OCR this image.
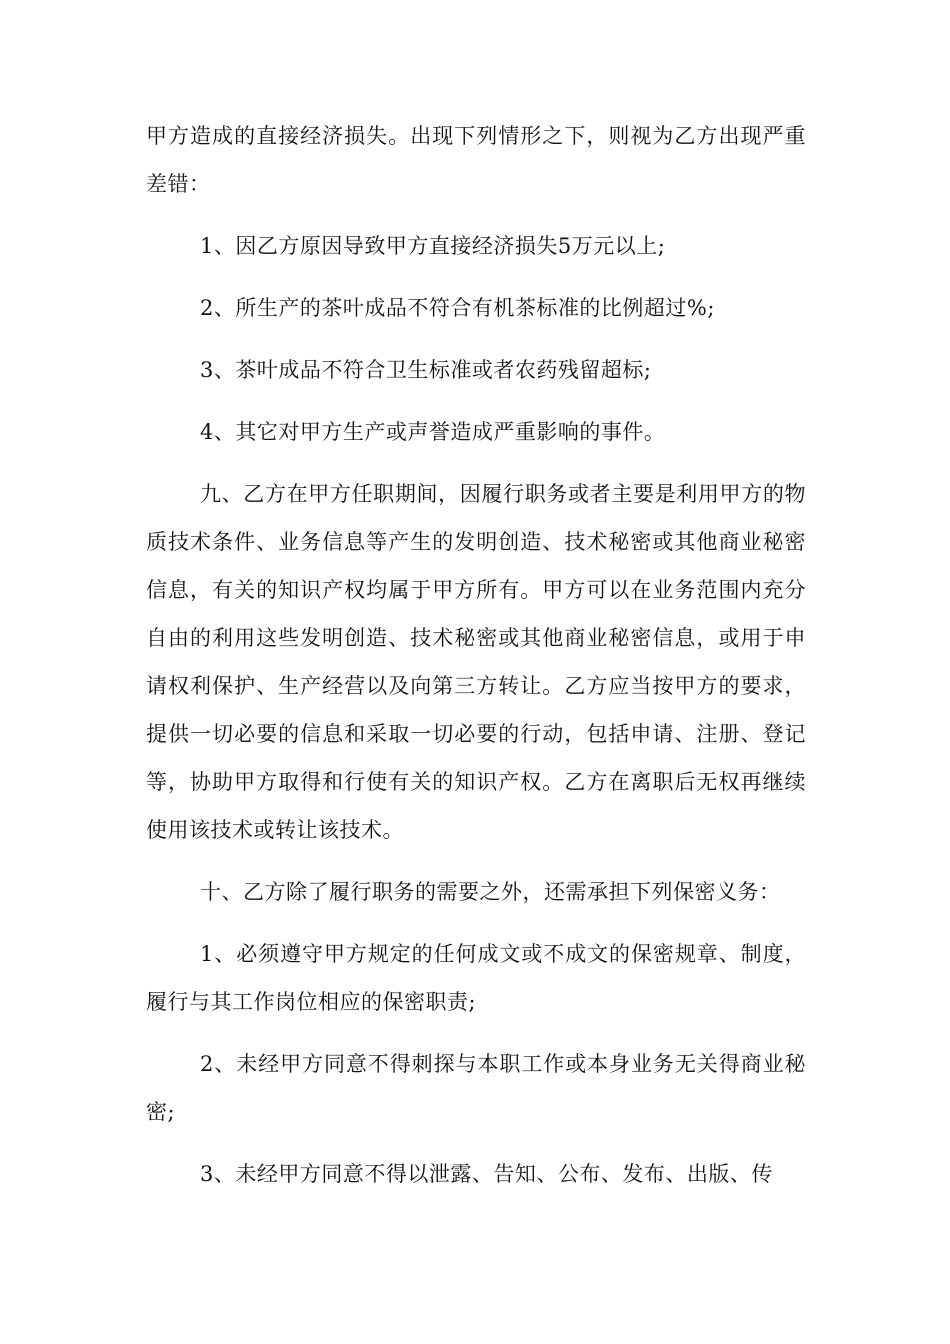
甲方造成的直接经济损失。出现下列情形之下，则视为乙方出现严重差错：

1、因乙方原因导致甲方直接经济损失5万元以上;

2、所生产的茶叶成品不符合有机茶标准的比例超过%;

3、茶叶成品不符合卫生标准或者农药残留超标;

4、其它对甲方生产或声誉造成严重影响的事件。

九、乙方在甲方任职期间，因履行职务或者主要是利用甲方的物质技术条件、业务信息等产生的发明创造、技术秘密或其他商业秘密信息，有关的知识产权均属于甲方所有。甲方可以在业务范围内充分自由的利用这些发明创造、技术秘密或其他商业秘密信息，或用于申请权利保护、生产经营以及向第三方转让。乙方应当按甲方的要求，提供一切必要的信息和采取一切必要的行动，包括申请、注册、登记等，协助甲方取得和行使有关的知识产权。乙方在离职后无权再继续使用该技术或转让该技术。

十、乙方除了履行职务的需要之外，还需承担下列保密义务：

1、必须遵守甲方规定的任何成文或不成文的保密规章、制度，履行与其工作岗位相应的保密职责;

2、未经甲方同意不得刺探与本职工作或本身业务无关得商业秘密;

3、未经甲方同意不得以泄露、告知、公布、发布、出版、传
